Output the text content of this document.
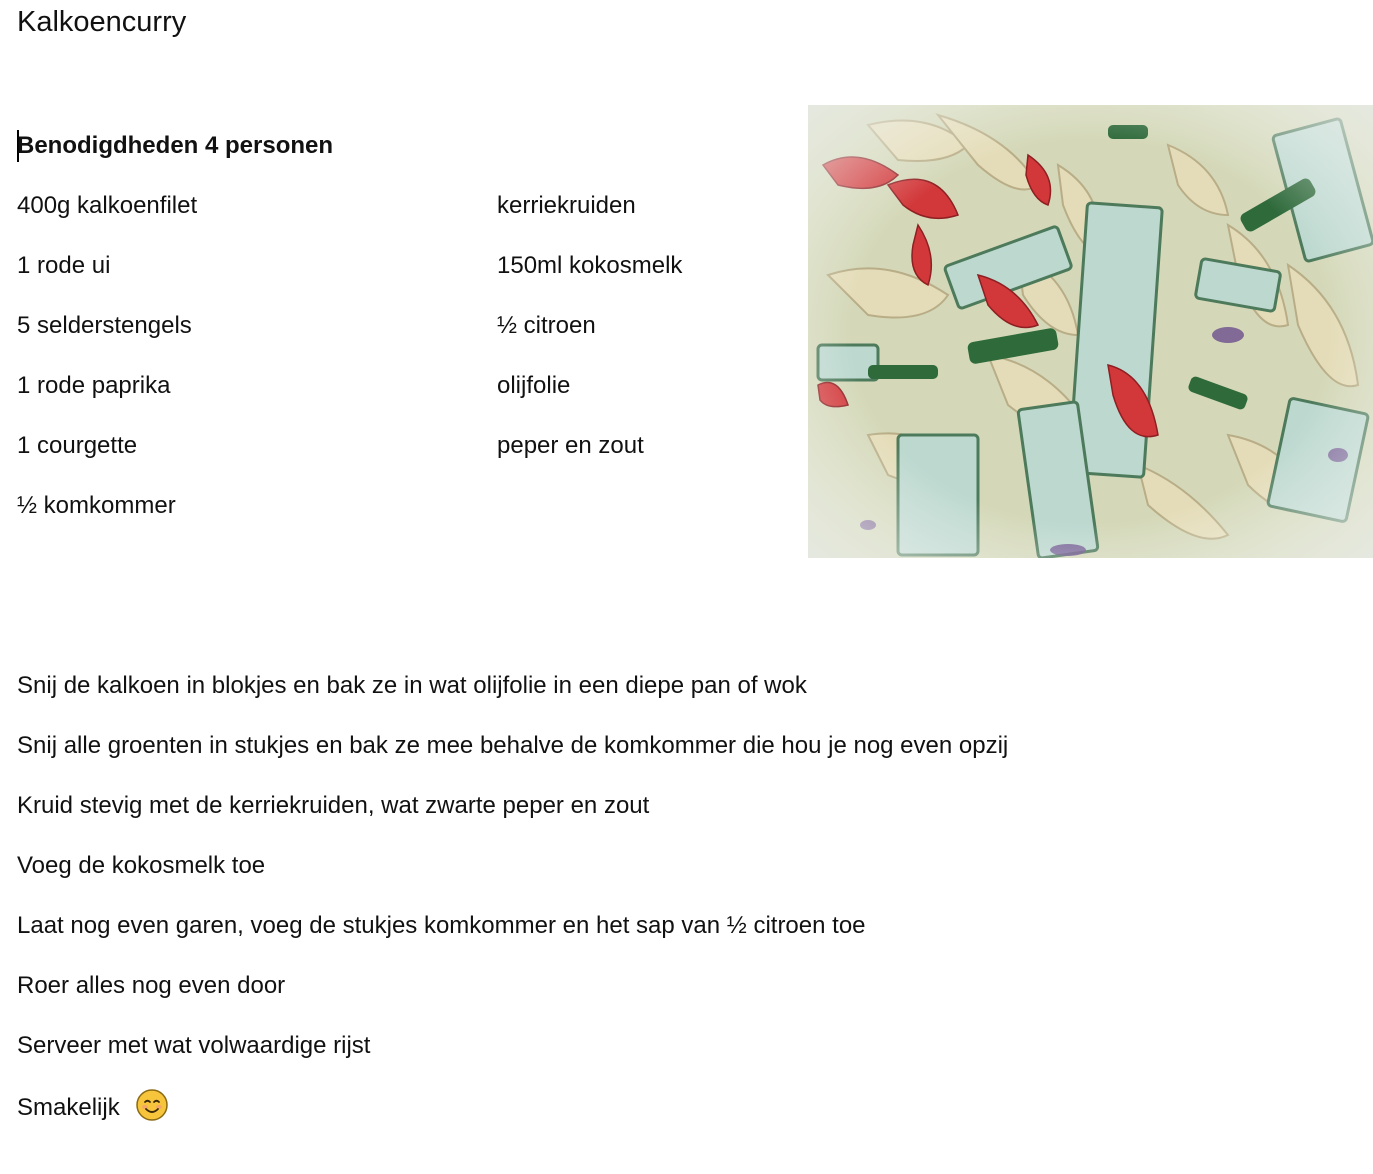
Kalkoencurry
Benodigdheden 4 personen
400g kalkoenfilet
1 rode ui
5 selderstengels
1 rode paprika
1 courgette
½ komkommer
kerriekruiden
150ml kokosmelk
½ citroen
olijfolie
peper en zout
Snij de kalkoen in blokjes en bak ze in wat olijfolie in een diepe pan of wok
Snij alle groenten in stukjes en bak ze mee behalve de komkommer die hou je nog even opzij
Kruid stevig met de kerriekruiden, wat zwarte peper en zout
Voeg de kokosmelk toe
Laat nog even garen, voeg de stukjes komkommer en het sap van ½ citroen toe
Roer alles nog even door
Serveer met wat volwaardige rijst
Smakelijk
